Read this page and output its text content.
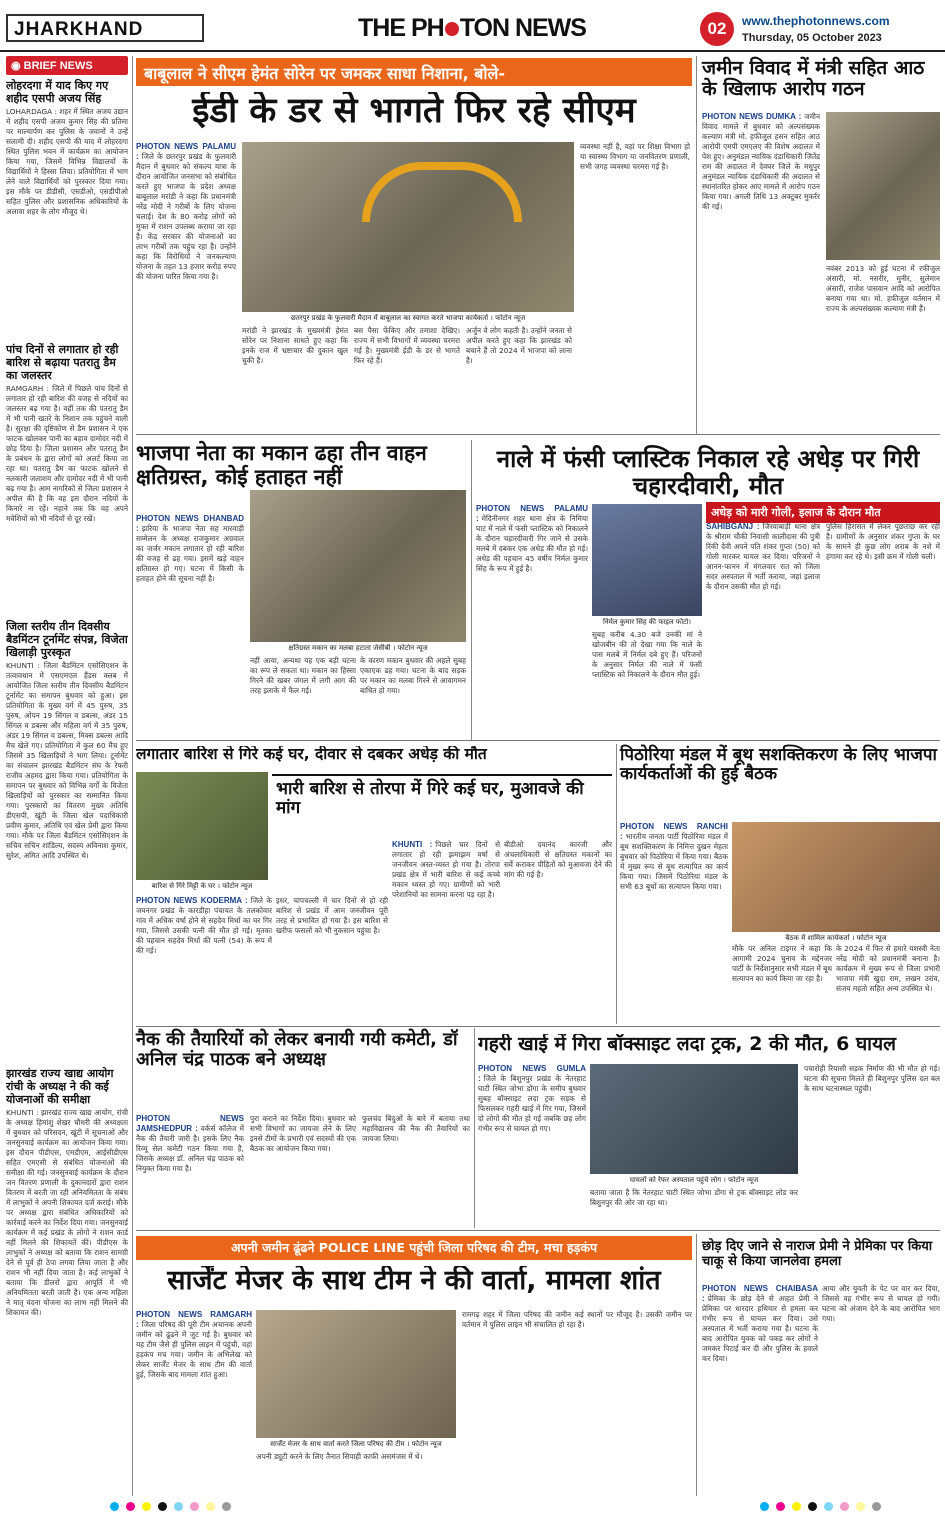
JHARKHAND	THE PH TON NEWS	02	www.thephotonnews.com
Thursday, 05 October 2023
◉ BRIEF NEWS
लोहरदगा में याद किए गए शहीद एसपी अजय सिंह
LOHARDAGA : शहर में स्थित अजय उद्यान में शहीद एसपी अजय कुमार सिंह की प्रतिमा पर माल्यार्पण कर पुलिस के जवानों ने उन्हें सलामी दी। शहीद एसपी की याद में लोहरदगा स्थित पुलिस भवन में कार्यक्रम का आयोजन किया गया, जिसमें विभिन्न विद्यालयों के विद्यार्थियों ने हिस्सा लिया। प्रतियोगिता में भाग लेने वाले विद्यार्थियों को पुरस्कार दिया गया। इस मौके पर डीडीसी, एसडीओ, एसडीपीओ सहित पुलिस और प्रशासनिक अधिकारियों के अलावा शहर के लोग मौजूद थे।
पांच दिनों से लगातार हो रही बारिश से बढ़ाया पतरातु डैम का जलस्तर
RAMGARH : जिले में पिछले पांच दिनों से लगातार हो रही बारिश की वजह से नदियों का जलस्तर बढ़ गया है। वहीं तक की पतरातु डैम में भी पानी खतरे के निशान तक पहुंचने वाली है। सुरक्षा की दृष्टिकोण से डैम प्रशासन ने एक फाटक खोलकर पानी का बहाव दामोदर नदी में छोड़ दिया है। जिला प्रशासन और पतरातु डैम के प्रबंधन के द्वारा लोगों को अलर्ट किया जा रहा था। पतरातु डैम का फाटक खोलने से नलकारी जलाशय और दामोदर नदी में भी पानी बढ़ गया है। आम नागरिकों से जिला प्रशासन ने अपील की है कि वह इस दौरान नदियों के किनारे ना रहें। नहाने तक कि वह अपने मवेशियों को भी नदियों से दूर रखें।
जिला स्तरीय तीन दिवसीय बैडमिंटन टूर्नामेंट संपन्न, विजेता खिलाड़ी पुरस्कृत
KHUNTI : जिला बैडमिंटन एसोसिएशन के तत्वावधान में एसएमएल हैंडस क्लब में आयोजित जिला स्तरीय तीन दिवसीय बैडमिंटन टूर्नामेंट का समापन बुधवार को हुआ। इस प्रतियोगिता के मुख्य वर्ग में 45 पुरुष, 35 पुरुष, ओपन 19 सिंगल व डबल्स, अंडर 15 सिंगल व डबल्स और महिला वर्ग में 35 पुरुष, अंडर 19 सिंगल व डबल्स, मिक्स डबल्स आदि मैच खेले गए। प्रतियोगिता में कुल 60 मैच हुए जिसमें 35 खिलाड़ियों ने भाग लिया। टूर्नामेंट का संचालन झारखंड बैडमिंटन संघ के रेफरी राजीव अहमद द्वारा किया गया। प्रतियोगिता के समापन पर बुधवार को विभिन्न वर्गों के विजेता खिलाड़ियों को पुरस्कार का सम्मानित किया गया। पुरस्कारों का वितरण मुख्य अतिथि डीएसपी, खूंटी के जिला खेल पदाधिकारी प्रवीण कुमार, अतिथि एवं खेल प्रेमी द्वारा किया गया। मौके पर जिला बैडमिंटन एसोसिएशन के सचिव सचिन शांडिल्य, सदस्य अविनाश कुमार, सुरेश, अमित आदि उपस्थित थे।
झारखंड राज्य खाद्य आयोग रांची के अध्यक्ष ने की कई योजनाओं की समीक्षा
KHUNTI : झारखंड राज्य खाद्य आयोग, रांची के अध्यक्ष हिमांशु शेखर चौधरी की अध्यक्षता में बुधवार को परिसदन, खूंटी में सूचनाओं और जनसुनवाई कार्यक्रम का आयोजन किया गया। इस दौरान पीडीएस, एमडीएम, आईसीडीएस सहित एमएसी से संबंधित योजनाओं की समीक्षा की गई। जनसुनवाई कार्यक्रम के दौरान जन वितरण प्रणाली के दुकानदारों द्वारा राशन वितरण में बरती जा रही अनियमितता के संबंध में लाभुकों ने अपनी शिकायत दर्ज कराई। मौके पर अध्यक्ष द्वारा संबंधित अधिकारियों को कार्रवाई करने का निर्देश दिया गया। जनसुनवाई कार्यक्रम में कई प्रखंड के लोगों ने राशन कार्ड नहीं मिलने की शिकायतें कीं। पीडीएस के लाभुकों ने अध्यक्ष को बताया कि राशन सामग्री देने से पूर्व ही ठेपा लगवा लिया जाता है और राशन भी नहीं दिया जाता है। कई लाभुकों ने बताया कि डीलरों द्वारा आपूर्ति में भी अनियमितता बरती जाती है। एक अन्य महिला ने मातृ वंदना योजना का लाभ नहीं मिलने की शिकायत की।
बाबूलाल ने सीएम हेमंत सोरेन पर जमकर साधा निशाना, बोले-
ईडी के डर से भागते फिर रहे सीएम
PHOTON NEWS PALAMU : जिले के छतरपुर प्रखंड के फुलवारी मैदान में बुधवार को संकल्प यात्रा के दौरान आयोजित जनसभा को संबोधित करते हुए भाजपा के प्रदेश अध्यक्ष बाबूलाल मरांडी ने कहा कि प्रधानमंत्री नरेंद्र मोदी ने गरीबों के लिए योजना चलाई। देश के 80 करोड़ लोगों को मुफ्त में राशन उपलब्ध कराया जा रहा है। केंद्र सरकार की योजनाओं का लाभ गरीबों तक पहुंच रहा है। उन्होंने कहा कि विरोधियों ने जनकल्याण योजना के तहत 13 हजार करोड़ रुपए की योजना पारित किया गया है।
छतरपुर प्रखंड के फुलवारी मैदान में बाबूलाल का स्वागत करते भाजपा कार्यकर्ता । फोटोन न्यूज
मरांडी ने झारखंड के मुख्यमंत्री हेमंत सोरेन पर निशाना साधते हुए कहा कि इनके राज में भ्रष्टाचार की दुकान खुल चुकी है।
बस पैसा फेंकिए और तमाशा देखिए। राज्य में सभी विभागों में व्यवस्था चरमरा गई है। मुख्यमंत्री ईडी के डर से भागते फिर रहे हैं।
अर्जुन वे लोग कहती है। उन्होंने जनता से अपील करते हुए कहा कि झारखंड को बचाने हैं तो 2024 में भाजपा को लाना है।
व्यवस्था नहीं है, यहां पर शिक्षा विभाग हो या स्वास्थ्य विभाग या जनवितरण प्रणाली, सभी जगह व्यवस्था चरमरा गई है।
जमीन विवाद में मंत्री सहित आठ के खिलाफ आरोप गठन
PHOTON NEWS DUMKA : जमीन विवाद मामले में बुधवार को अल्पसंख्यक कल्याण मंत्री मो. हफीजुल हसन सहित आठ आरोपी एमपी एमएलए की विशेष अदालत में पेश हुए। अनुमंडल न्यायिक दंडाधिकारी जितेंद्र राम की अदालत में देवघर जिले के मधुपुर अनुमंडल न्यायिक दंडाधिकारी की अदालत से स्थानांतरित होकर आए मामले में आरोप गठन किया गया। अगली तिथि 13 अक्टूबर मुकर्रर की गई।
नवंबर 2013 को हुई घटना में रफीजुल अंसारी, मो. नसरीर, मुनीर, सुलेमान अंसारी, राजेश पासवान आदि को आरोपित बनाया गया था। मो. हफीजुल वर्तमान में राज्य के अल्पसंख्यक कल्याण मंत्री हैं।
भाजपा नेता का मकान ढहा तीन वाहन क्षतिग्रस्त, कोई हताहत नहीं
PHOTON NEWS DHANBAD : झरिया के भाजपा नेता सह मारवाड़ी सम्मेलन के अध्यक्ष राजकुमार अग्रवाल का जर्जर मकान लगातार हो रही बारिश की वजह से ढह गया। इसमें खड़े वाहन क्षतिग्रस्त हो गए। घटना में किसी के हताहत होने की सूचना नहीं है।
क्षतिग्रस्त मकान का मलबा हटाता जेसीबी । फोटोन न्यूज
नहीं आया, अन्यथा यह एक बड़ी घटना का रूप ले सकता था। मकान का हिस्सा गिरने की खबर जंगल में लगी आग की तरह इलाके में फैल गई।
के कारण मकान बुधवार की अहले सुबह एकाएक ढह गया। घटना के बाद सड़क पर मकान का मलबा गिरने से आवागमन बाधित हो गया।
नाले में फंसी प्लास्टिक निकाल रहे अधेड़ पर गिरी चहारदीवारी, मौत
PHOTON NEWS PALAMU : मेदिनीनगर शहर थाना क्षेत्र के निमिया घाट में नाले में फंसी प्लास्टिक को निकालने के दौरान चहारदीवारी गिर जाने से उसके मलबे में दबकर एक अधेड़ की मौत हो गई। अधेड़ की पहचान 45 वर्षीय निर्मल कुमार सिंह के रूप में हुई है।
निर्मल कुमार सिंह की फाइल फोटो।
सुबह करीब 4.30 बजे उनकी मां ने खोजबीन की तो देखा गया कि नाले के पास मलबे में निर्मल दबे हुए हैं। परिजनों के अनुसार निर्मल की नाले में फंसी प्लास्टिक को निकालने के दौरान मौत हुई।
अधेड़ को मारी गोली, इलाज के दौरान मौत
SAHIBGANJ : जिरवाबाड़ी थाना क्षेत्र के श्रीराम चौकी निवासी कालीदास की पुत्री रिंकी देवी अपने पति शंकर गुप्ता (50) को गोली मारकर घायल कर दिया। परिजनों ने आनन-फानन में मंगलवार रात को जिला सदर अस्पताल में भर्ती कराया, जहां इलाज के दौरान उसकी मौत हो गई।
पुलिस हिरासत में लेकर पूछताछ कर रही है। ग्रामीणों के अनुसार शंकर गुप्ता के घर के सामने ही कुछ लोग शराब के नशे में हंगामा कर रहे थे। इसी क्रम में गोली चली।
लगातार बारिश से गिरे कई घर, दीवार से दबकर अधेड़ की मौत
बारिश से गिरे मिट्टी के घर । फोटोन न्यूज
भारी बारिश से तोरपा में गिरे कई घर, मुआवजे की मांग
PHOTON NEWS KODERMA : जिले के जयनगर प्रखंड के कारडीहा पंचायत के तलकोवार गांव में अधिक वर्षा होने से सहदेव मिर्धा का घर गिर गया, जिससे उसकी पत्नी की मौत हो गई। मृतका की पहचान सहदेव मिर्धा की पत्नी (54) के रूप में की गई।
इधर, चापचल्ली में चार दिनों से हो रही बारिश से प्रखंड में आम जनजीवन पूरी तरह से प्रभावित हो गया है। इस बारिश से खरीफ फसलों को भी नुकसान पहुंचा है।
KHUNTI : पिछले चार दिनों से लगातार हो रही झमाझम वर्षा से जनजीवन अस्त-व्यस्त हो गया है। तोरपा प्रखंड क्षेत्र में भारी बारिश से कई कच्चे मकान ध्वस्त हो गए। ग्रामीणों को भारी परेशानियों का सामना करना पड़ रहा है।
बीडीओ दयानंद कारजी और अंचलाधिकारी से क्षतिग्रस्त मकानों का सर्वे कराकर पीड़ितों को मुआवजा देने की मांग की गई है।
पिठोरिया मंडल में बूथ सशक्तिकरण के लिए भाजपा कार्यकर्ताओं की हुई बैठक
PHOTON NEWS RANCHI : भारतीय जनता पार्टी पिठोरिया मंडल में बूथ सशक्तिकरण के निमित्त दुखन मेहता बुधवार को पिठोरिया में किया गया। बैठक में मुख्य रूप से बूथ सत्यापित का कार्य किया गया। जिसमें पिठोरिया मंडल के सभी 63 बूथों का सत्यापन किया गया।
बैठक में शामिल कार्यकर्ता । फोटोन न्यूज
मौके पर अनिल टाइगर ने कहा कि आगामी 2024 चुनाव के मद्देनजर पार्टी के निर्देशानुसार सभी मंडल में बूथ सत्यापन का कार्य किया जा रहा है।
के 2024 में फिर से हमारे यशस्वी नेता नरेंद्र मोदी को प्रधानमंत्री बनाना है। कार्यक्रम में मुख्य रूप से जिला प्रभारी भाजपा मंत्री खुदा राम, लखन उरांव, संजय महतो सहित अन्य उपस्थित थे।
नैक की तैयारियों को लेकर बनायी गयी कमेटी, डॉ अनिल चंद्र पाठक बने अध्यक्ष
PHOTON NEWS JAMSHEDPUR : वर्कर्स कॉलेज में नैक की तैयारी जारी है। इसके लिए नैक रिव्यू सेल कमेटी गठन किया गया है, जिसके अध्यक्ष डॉ. अनिल चंद्र पाठक को नियुक्त किया गया है।
पुरा कराने का निर्देश दिया। बुधवार को सभी विभागों का जायजा लेने के लिए इनसे टीमों के प्रभारी एवं सदस्यों की एक बैठक का आयोजन किया गया।
फुलचंद बिंदुओं के बारे में बताया तथा महाविद्यालय की नैक की तैयारियों का जायजा लिया।
गहरी खाई में गिरा बॉक्साइट लदा ट्रक, 2 की मौत, 6 घायल
PHOTON NEWS GUMLA : जिले के बिशुनपुर प्रखंड के नेतरहाट घाटी स्थित जोभा डोंगा के समीप बुधवार सुबह बॉक्साइट लदा ट्रक सड़क से फिसलकर गहरी खाई में गिर गया, जिसमें दो लोगों की मौत हो गई जबकि छह लोग गंभीर रूप से घायल हो गए।
घायलों को रेफर अस्पताल पहुंचे लोग । फोटोन न्यूज
बताया जाता है कि नेतरहाट घाटी स्थित जोभा डोंगा से ट्रक बॉक्साइट लोड कर बिशुनपुर की ओर जा रहा था।
पचारोही रियासी सड़क निर्माण की भी मौत हो गई। घटना की सूचना मिलते ही बिशुनपुर पुलिस दल बल के साथ घटनास्थल पहुंची।
अपनी जमीन ढूंढने POLICE LINE पहुंची जिला परिषद की टीम, मचा हड़कंप
सार्जेंट मेजर के साथ टीम ने की वार्ता, मामला शांत
PHOTON NEWS RAMGARH : जिला परिषद की पूरी टीम अचानक अपनी जमीन को ढूंढने में जुट गई है। बुधवार को यह टीम जैसे ही पुलिस लाइन में पहुंची, वहां हड़कंप मच गया। जमीन के अभिलेख को लेकर सार्जेंट मेजर के साथ टीम की वार्ता हुई, जिसके बाद मामला शांत हुआ।
सार्जेंट मेजर के साथ वार्ता करते जिला परिषद की टीम । फोटोन न्यूज
अपनी ड्यूटी करने के लिए तैनात सिपाही काफी असमंजस में थे।
रामगढ़ शहर में जिला परिषद की जमीन कई स्थानों पर मौजूद है। उसकी जमीन पर वर्तमान में पुलिस लाइन भी संचालित हो रहा है।
छोड़ दिए जाने से नाराज प्रेमी ने प्रेमिका पर किया चाकू से किया जानलेवा हमला
PHOTON NEWS CHAIBASA : प्रेमिका के छोड़ देने से आहत प्रेमी ने प्रेमिका पर धारदार हथियार से हमला कर गंभीर रूप से घायल कर दिया। उसे अस्पताल में भर्ती कराया गया है। घटना के बाद आरोपित युवक को पकड़ कर लोगों ने जमकर पिटाई कर दी और पुलिस के हवाले कर दिया।
आया और युवती के पेट पर वार कर दिया, जिससे वह गंभीर रूप से घायल हो गयी। घटना को अंजाम देने के बाद आरोपित भाग गया।
